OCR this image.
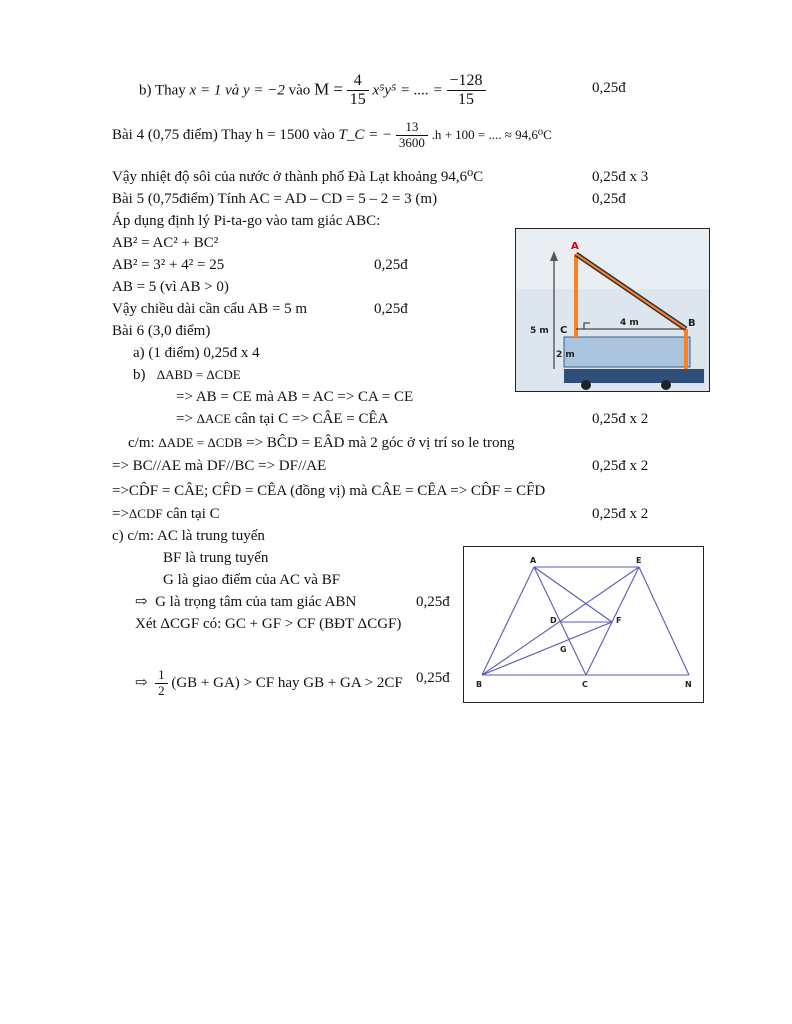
b) Thay x = 1 và y = −2 vào $M = \frac{4}{15} x^5y^5$ = .... = $\frac{-128}{15}$	0,25đ
Bài 4 (0,75 điểm) Thay h = 1500 vào T_C = − $\frac{13}{3600} .h + 100$ = .... ≈ 94,6⁰C
Vậy nhiệt độ sôi của nước ở thành phố Đà Lạt khoảng 94,6⁰C	0,25đ x 3
Bài 5 (0,75điểm) Tính AC = AD – CD = 5 – 2 = 3 (m)	0,25đ
Áp dụng định lý Pi-ta-go vào tam giác ABC:
AB² = AC² + BC²
AB² = 3² + 4² = 25	0,25đ
AB = 5 (vì AB > 0)
Vậy chiều dài cần cẩu AB = 5 m	0,25đ
Bài 6 (3,0 điểm)
a) (1 điểm) 0,25đ x 4
b) ΔABD = ΔCDE
=> AB = CE mà AB = AC => CA = CE
=> ΔACE cân tại C => CÂE = CÊA	0,25đ x 2
c/m: ΔADE = ΔCDB => BĈD = EÂD mà 2 góc ở vị trí so le trong
=> BC//AE mà DF//BC => DF//AE	0,25đ x 2
=>CD̂F = CÂE; CF̂D = CÊA (đồng vị) mà CÂE = CÊA => CD̂F = CF̂D
=>ΔCDF cân tại C	0,25đ x 2
c) c/m: AC là trung tuyến
BF là trung tuyến
G là giao điểm của AC và BF
⇨ G là trọng tâm của tam giác ABN	0,25đ
Xét ΔCGF có: GC + GF > CF (BĐT ΔCGF)
⇨ $\frac{1}{2} (GB + GA)$ > CF hay GB + GA > 2CF 0,25đ
A
B
C
5 m
4 m
2 m
A	E
D	F
G
B	C	N
